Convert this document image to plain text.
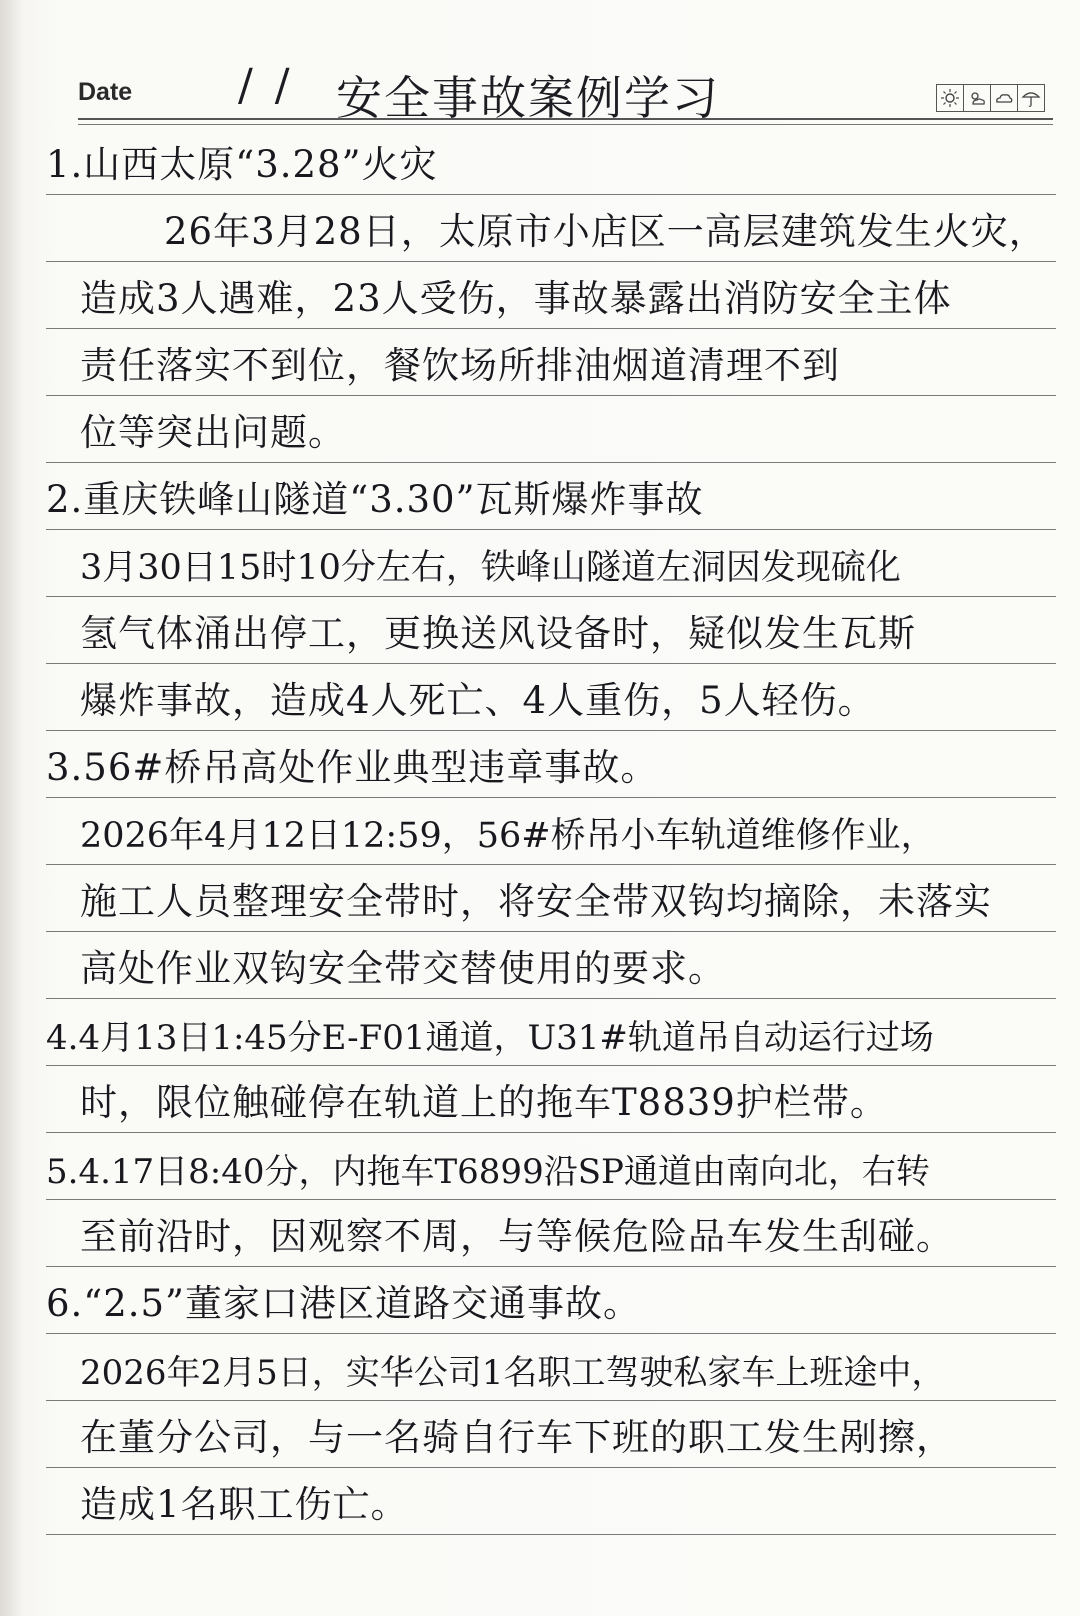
Date / / 安全事故案例学习
1.山西太原“3.28”火灾
26年3月28日，太原市小店区一高层建筑发生火灾，
造成3人遇难，23人受伤，事故暴露出消防安全主体
责任落实不到位，餐饮场所排油烟道清理不到
位等突出问题。
2.重庆铁峰山隧道“3.30”瓦斯爆炸事故
3月30日15时10分左右，铁峰山隧道左洞因发现硫化
氢气体涌出停工，更换送风设备时，疑似发生瓦斯
爆炸事故，造成4人死亡、4人重伤，5人轻伤。
3.56#桥吊高处作业典型违章事故。
2026年4月12日12:59，56#桥吊小车轨道维修作业，
施工人员整理安全带时，将安全带双钩均摘除，未落实
高处作业双钩安全带交替使用的要求。
4.4月13日1:45分E-F01通道，U31#轨道吊自动运行过场
时，限位触碰停在轨道上的拖车T8839护栏带。
5.4.17日8:40分，内拖车T6899沿SP通道由南向北，右转
至前沿时，因观察不周，与等候危险品车发生刮碰。
6.“2.5”董家口港区道路交通事故。
2026年2月5日，实华公司1名职工驾驶私家车上班途中，
在董分公司，与一名骑自行车下班的职工发生剐擦，
造成1名职工伤亡。
